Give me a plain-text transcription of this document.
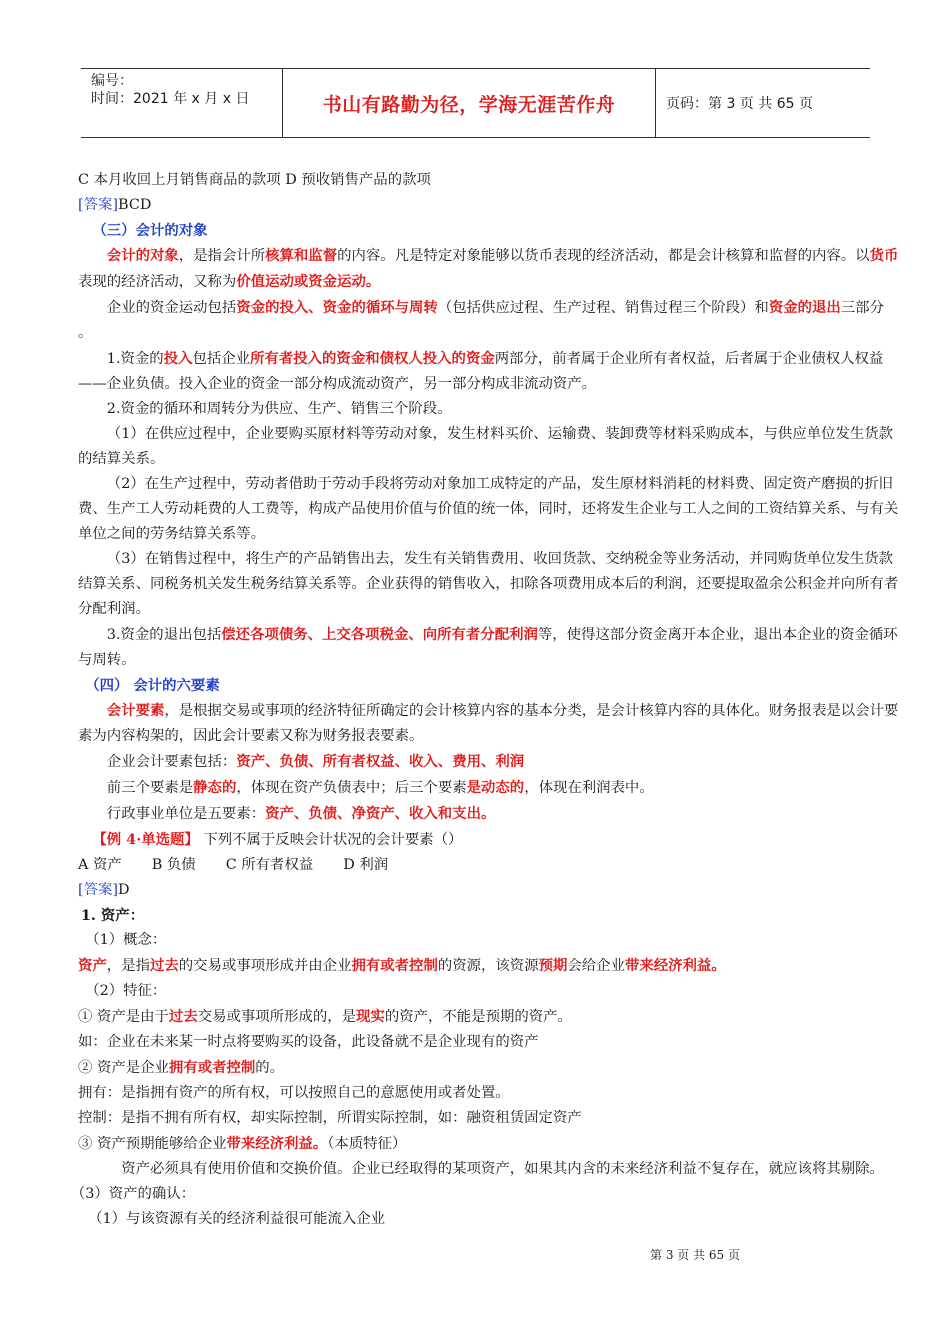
编号：
时间：2021 年 x 月 x 日	书山有路勤为径，学海无涯苦作舟	页码：第 3 页 共 65 页

C 本月收回上月销售商品的款项 D 预收销售产品的款项

[答案]BCD

（三）会计的对象

会计的对象，是指会计所核算和监督的内容。凡是特定对象能够以货币表现的经济活动，都是会计核算和监督的内容。以货币表现的经济活动，又称为价值运动或资金运动。

企业的资金运动包括资金的投入、资金的循环与周转（包括供应过程、生产过程、销售过程三个阶段）和资金的退出三部分 。

1.资金的投入包括企业所有者投入的资金和债权人投入的资金两部分，前者属于企业所有者权益，后者属于企业债权人权益——企业负债。投入企业的资金一部分构成流动资产，另一部分构成非流动资产。

2.资金的循环和周转分为供应、生产、销售三个阶段。

（1）在供应过程中，企业要购买原材料等劳动对象，发生材料买价、运输费、装卸费等材料采购成本，与供应单位发生货款的结算关系。

（2）在生产过程中，劳动者借助于劳动手段将劳动对象加工成特定的产品，发生原材料消耗的材料费、固定资产磨损的折旧费、生产工人劳动耗费的人工费等，构成产品使用价值与价值的统一体，同时，还将发生企业与工人之间的工资结算关系、与有关单位之间的劳务结算关系等。

（3）在销售过程中，将生产的产品销售出去，发生有关销售费用、收回货款、交纳税金等业务活动，并同购货单位发生货款结算关系、同税务机关发生税务结算关系等。企业获得的销售收入，扣除各项费用成本后的利润，还要提取盈余公积金并向所有者分配利润。

3.资金的退出包括偿还各项债务、上交各项税金、向所有者分配利润等，使得这部分资金离开本企业，退出本企业的资金循环与周转。

（四） 会计的六要素

会计要素，是根据交易或事项的经济特征所确定的会计核算内容的基本分类，是会计核算内容的具体化。财务报表是以会计要素为内容构架的，因此会计要素又称为财务报表要素。

企业会计要素包括：资产、负债、所有者权益、收入、费用、利润

前三个要素是静态的，体现在资产负债表中；后三个要素是动态的，体现在利润表中。

行政事业单位是五要素：资产、负债、净资产、收入和支出。

【例 4·单选题】 下列不属于反映会计状况的会计要素（）

A 资产 B 负债 C 所有者权益 D 利润

[答案]D

1. 资产：

（1）概念：

资产，是指过去的交易或事项形成并由企业拥有或者控制的资源，该资源预期会给企业带来经济利益。

（2）特征：

① 资产是由于过去交易或事项所形成的，是现实的资产，不能是预期的资产。

如：企业在未来某一时点将要购买的设备，此设备就不是企业现有的资产

② 资产是企业拥有或者控制的。

拥有：是指拥有资产的所有权，可以按照自己的意愿使用或者处置。

控制：是指不拥有所有权，却实际控制，所谓实际控制，如：融资租赁固定资产

③ 资产预期能够给企业带来经济利益。（本质特征）

资产必须具有使用价值和交换价值。企业已经取得的某项资产，如果其内含的未来经济利益不复存在，就应该将其剔除。

（3）资产的确认：

（1）与该资源有关的经济利益很可能流入企业

第 3 页 共 65 页
